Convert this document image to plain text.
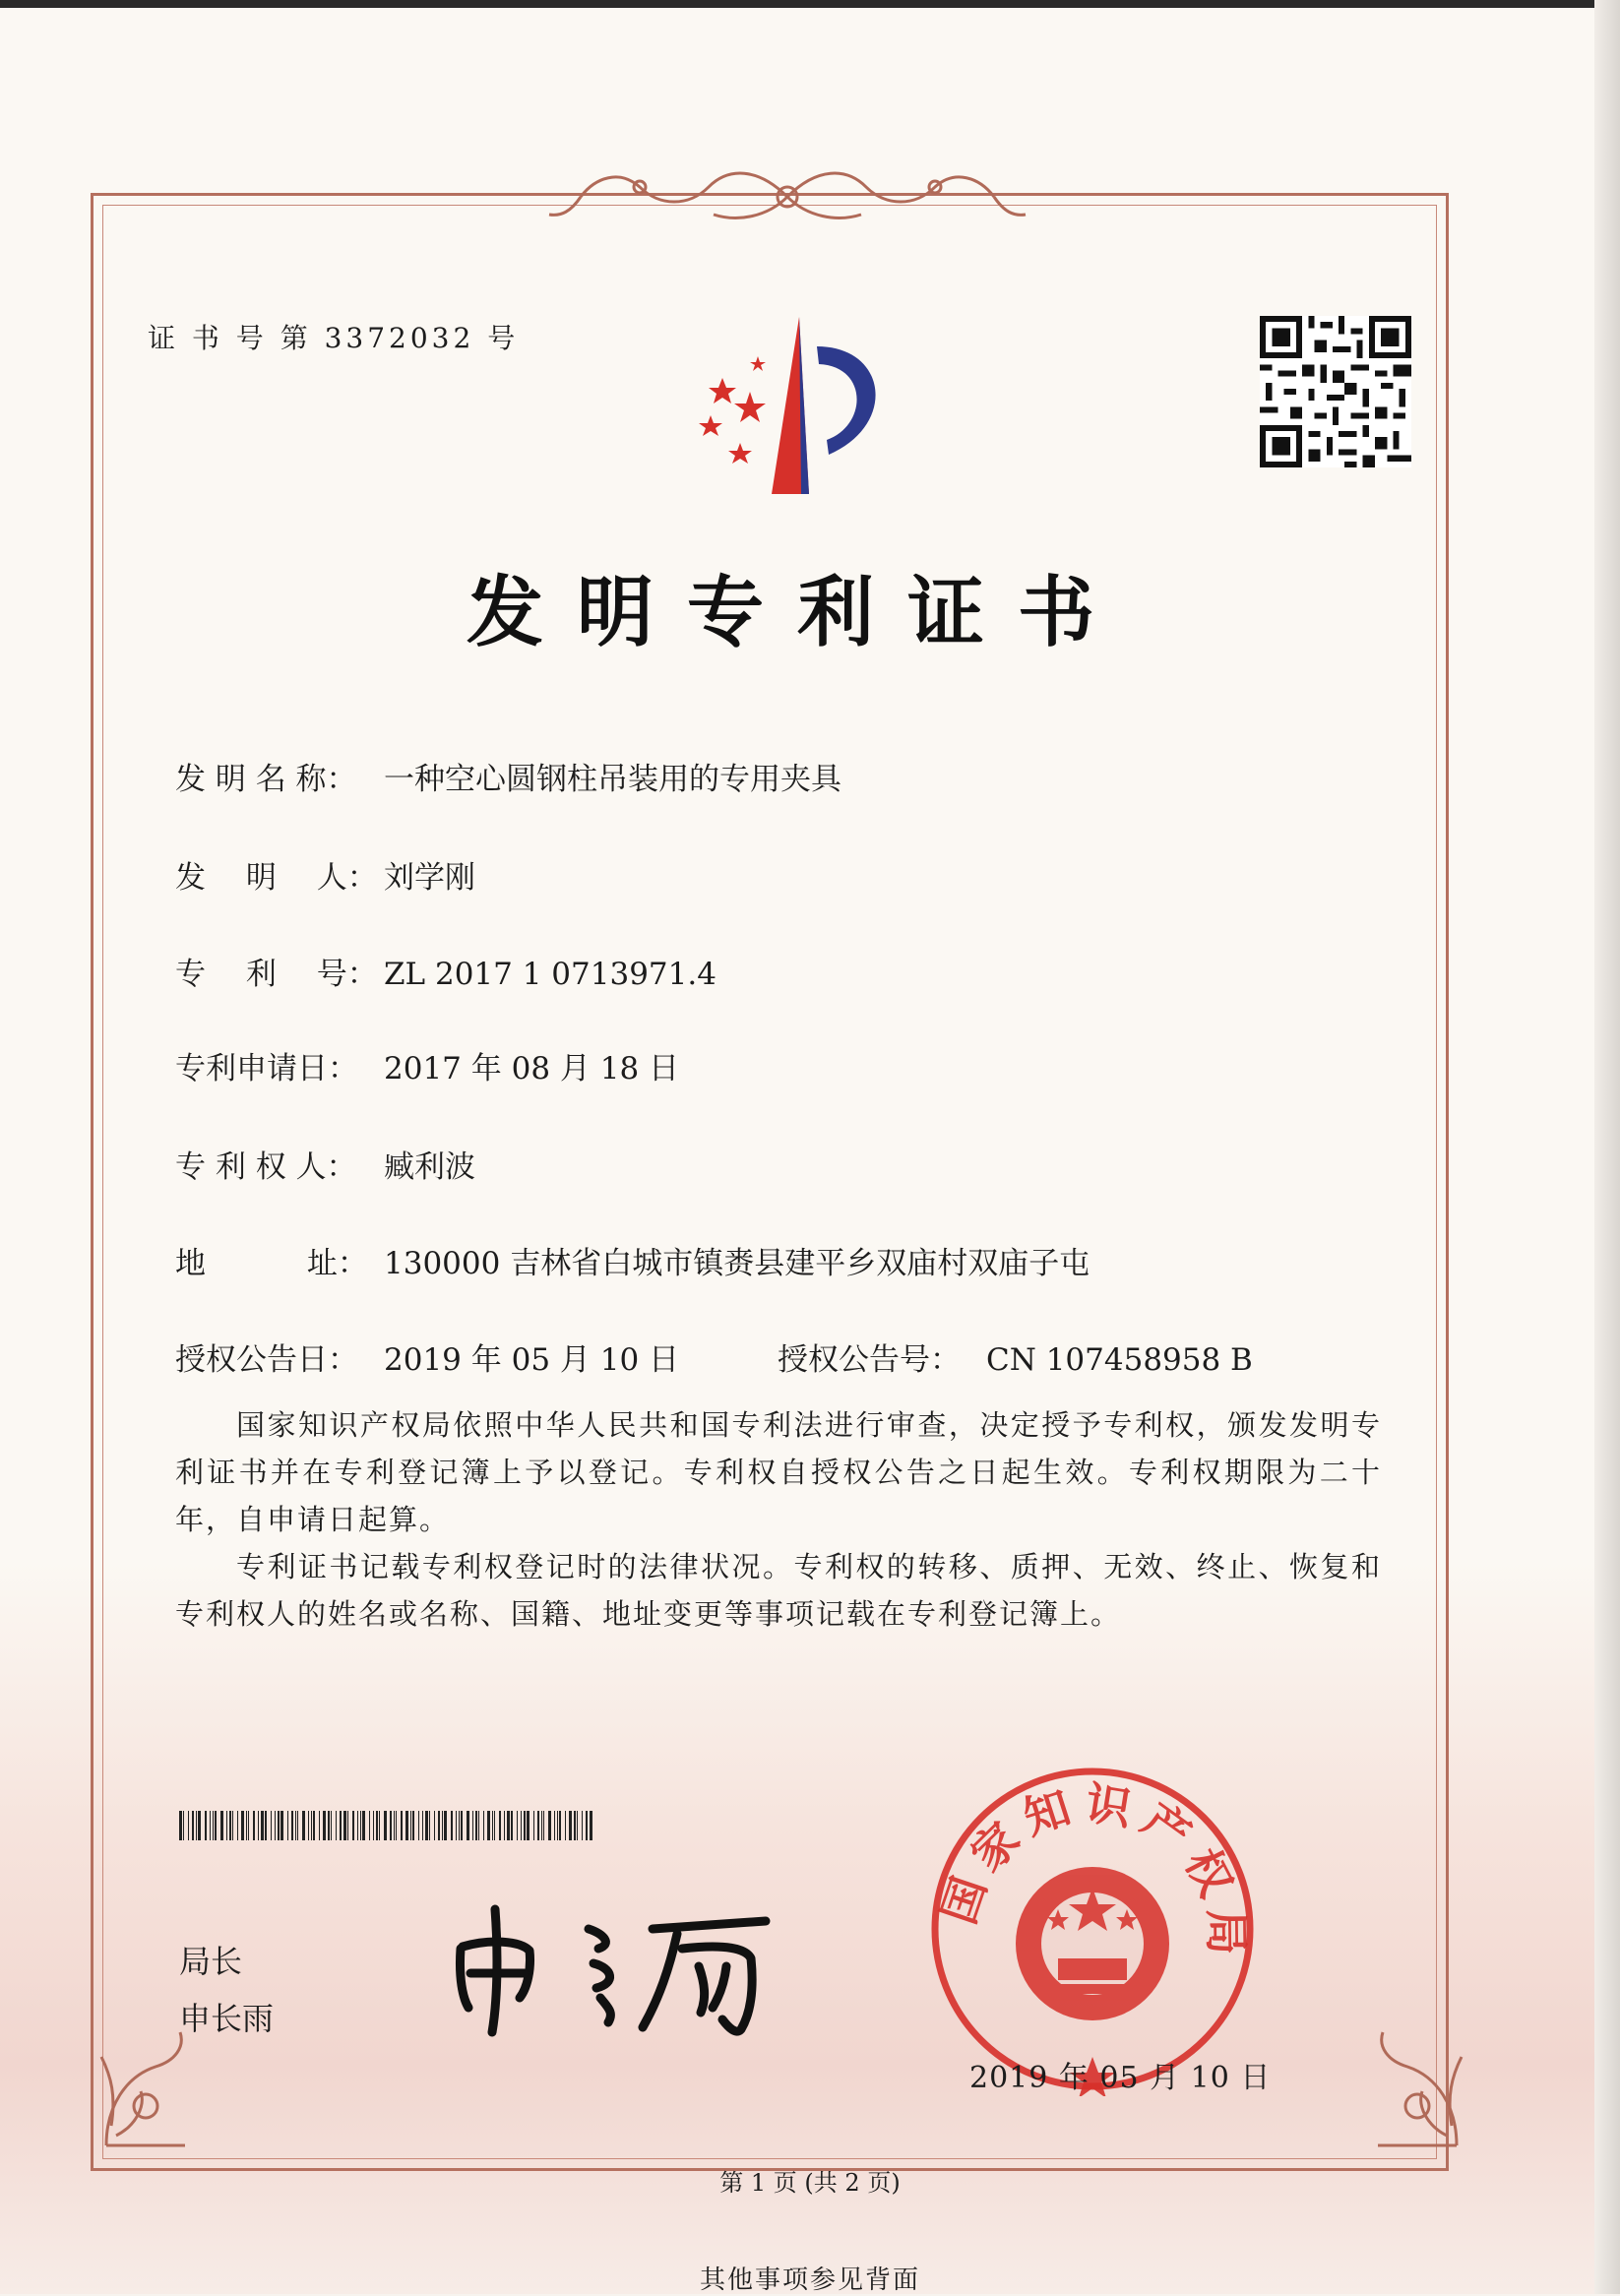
证 书 号 第 3372032 号
发明专利证书
发 明 名 称： 一种空心圆钢柱吊装用的专用夹具
发　 明　 人： 刘学刚
专　 利　 号： ZL 2017 1 0713971.4
专利申请日： 2017 年 08 月 18 日
专 利 权 人： 臧利波
地　　　 址： 130000 吉林省白城市镇赉县建平乡双庙村双庙子屯
授权公告日： 2019 年 05 月 10 日	授权公告号： CN 107458958 B
国家知识产权局依照中华人民共和国专利法进行审查，决定授予专利权，颁发发明专利证书并在专利登记簿上予以登记。专利权自授权公告之日起生效。专利权期限为二十年，自申请日起算。
专利证书记载专利权登记时的法律状况。专利权的转移、质押、无效、终止、恢复和专利权人的姓名或名称、国籍、地址变更等事项记载在专利登记簿上。
局长
申长雨
国家知识产权局
2019 年 05 月 10 日
第 1 页 (共 2 页)
其他事项参见背面
